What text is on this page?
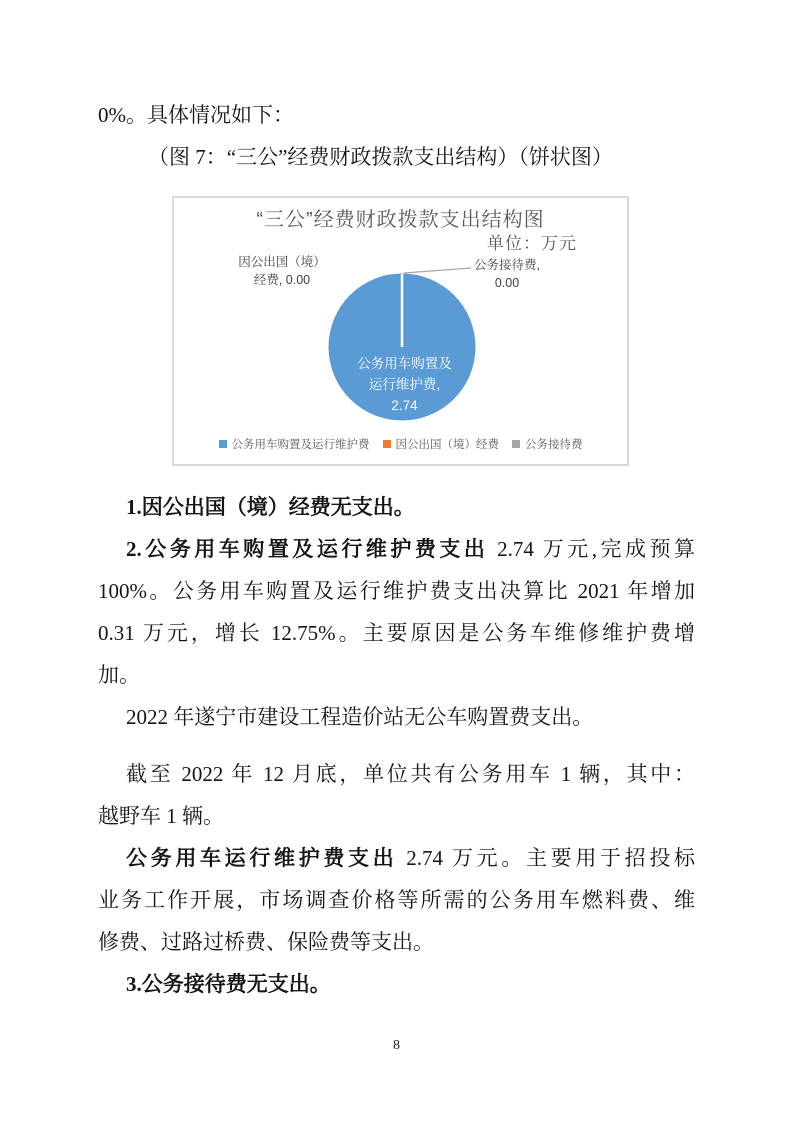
0%。具体情况如下：
（图 7：“三公”经费财政拨款支出结构）（饼状图）
“三公”经费财政拨款支出结构图
单位：万元
因公出国（境）
经费, 0.00
公务接待费,
0.00
公务用车购置及
运行维护费,
2.74
公务用车购置及运行维护费 因公出国（境）经费 公务接待费
1.因公出国（境）经费无支出。
2.公务用车购置及运行维护费支出 2.74 万元,完成预算
100%。公务用车购置及运行维护费支出决算比 2021 年增加
0.31 万元，增长 12.75%。主要原因是公务车维修维护费增
加。
2022 年遂宁市建设工程造价站无公车购置费支出。
截至 2022 年 12 月底，单位共有公务用车 1 辆，其中：
越野车 1 辆。
公务用车运行维护费支出 2.74 万元。主要用于招投标
业务工作开展，市场调查价格等所需的公务用车燃料费、维
修费、过路过桥费、保险费等支出。
3.公务接待费无支出。
8
